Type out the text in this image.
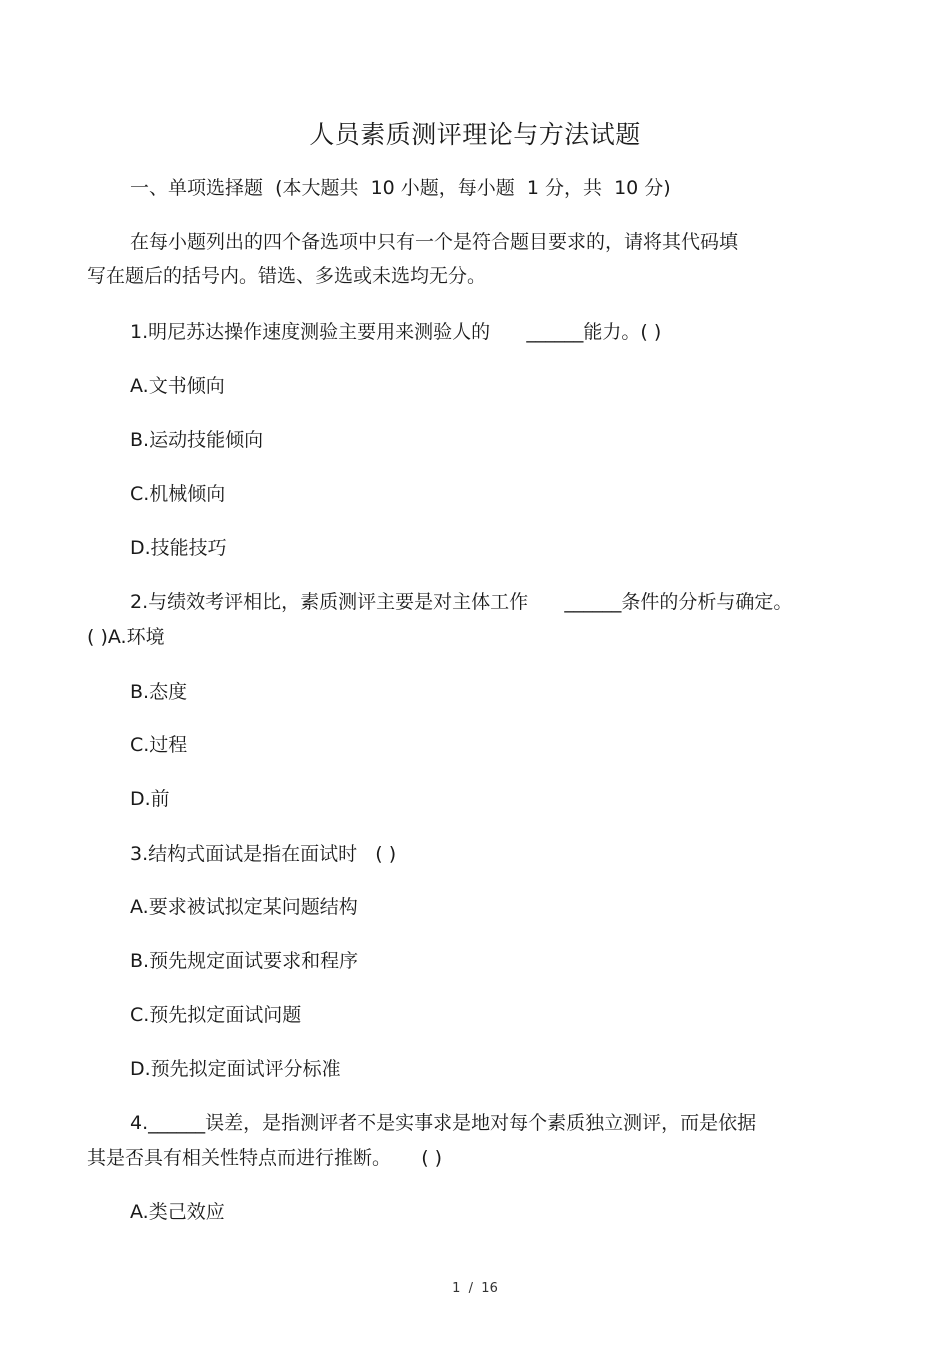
人员素质测评理论与方法试题
一、单项选择题  (本大题共  10 小题，每小题  1 分，共  10 分)
在每小题列出的四个备选项中只有一个是符合题目要求的，请将其代码填
写在题后的括号内。错选、多选或未选均无分。
1.明尼苏达操作速度测验主要用来测验人的      ______能力。( )
A.文书倾向
B.运动技能倾向
C.机械倾向
D.技能技巧
2.与绩效考评相比，素质测评主要是对主体工作      ______条件的分析与确定。
( )A.环境
B.态度
C.过程
D.前
3.结构式面试是指在面试时   ( )
A.要求被试拟定某问题结构
B.预先规定面试要求和程序
C.预先拟定面试问题
D.预先拟定面试评分标准
4.______误差，是指测评者不是实事求是地对每个素质独立测评，而是依据
其是否具有相关性特点而进行推断。     ( )
A.类己效应
1  /  16
